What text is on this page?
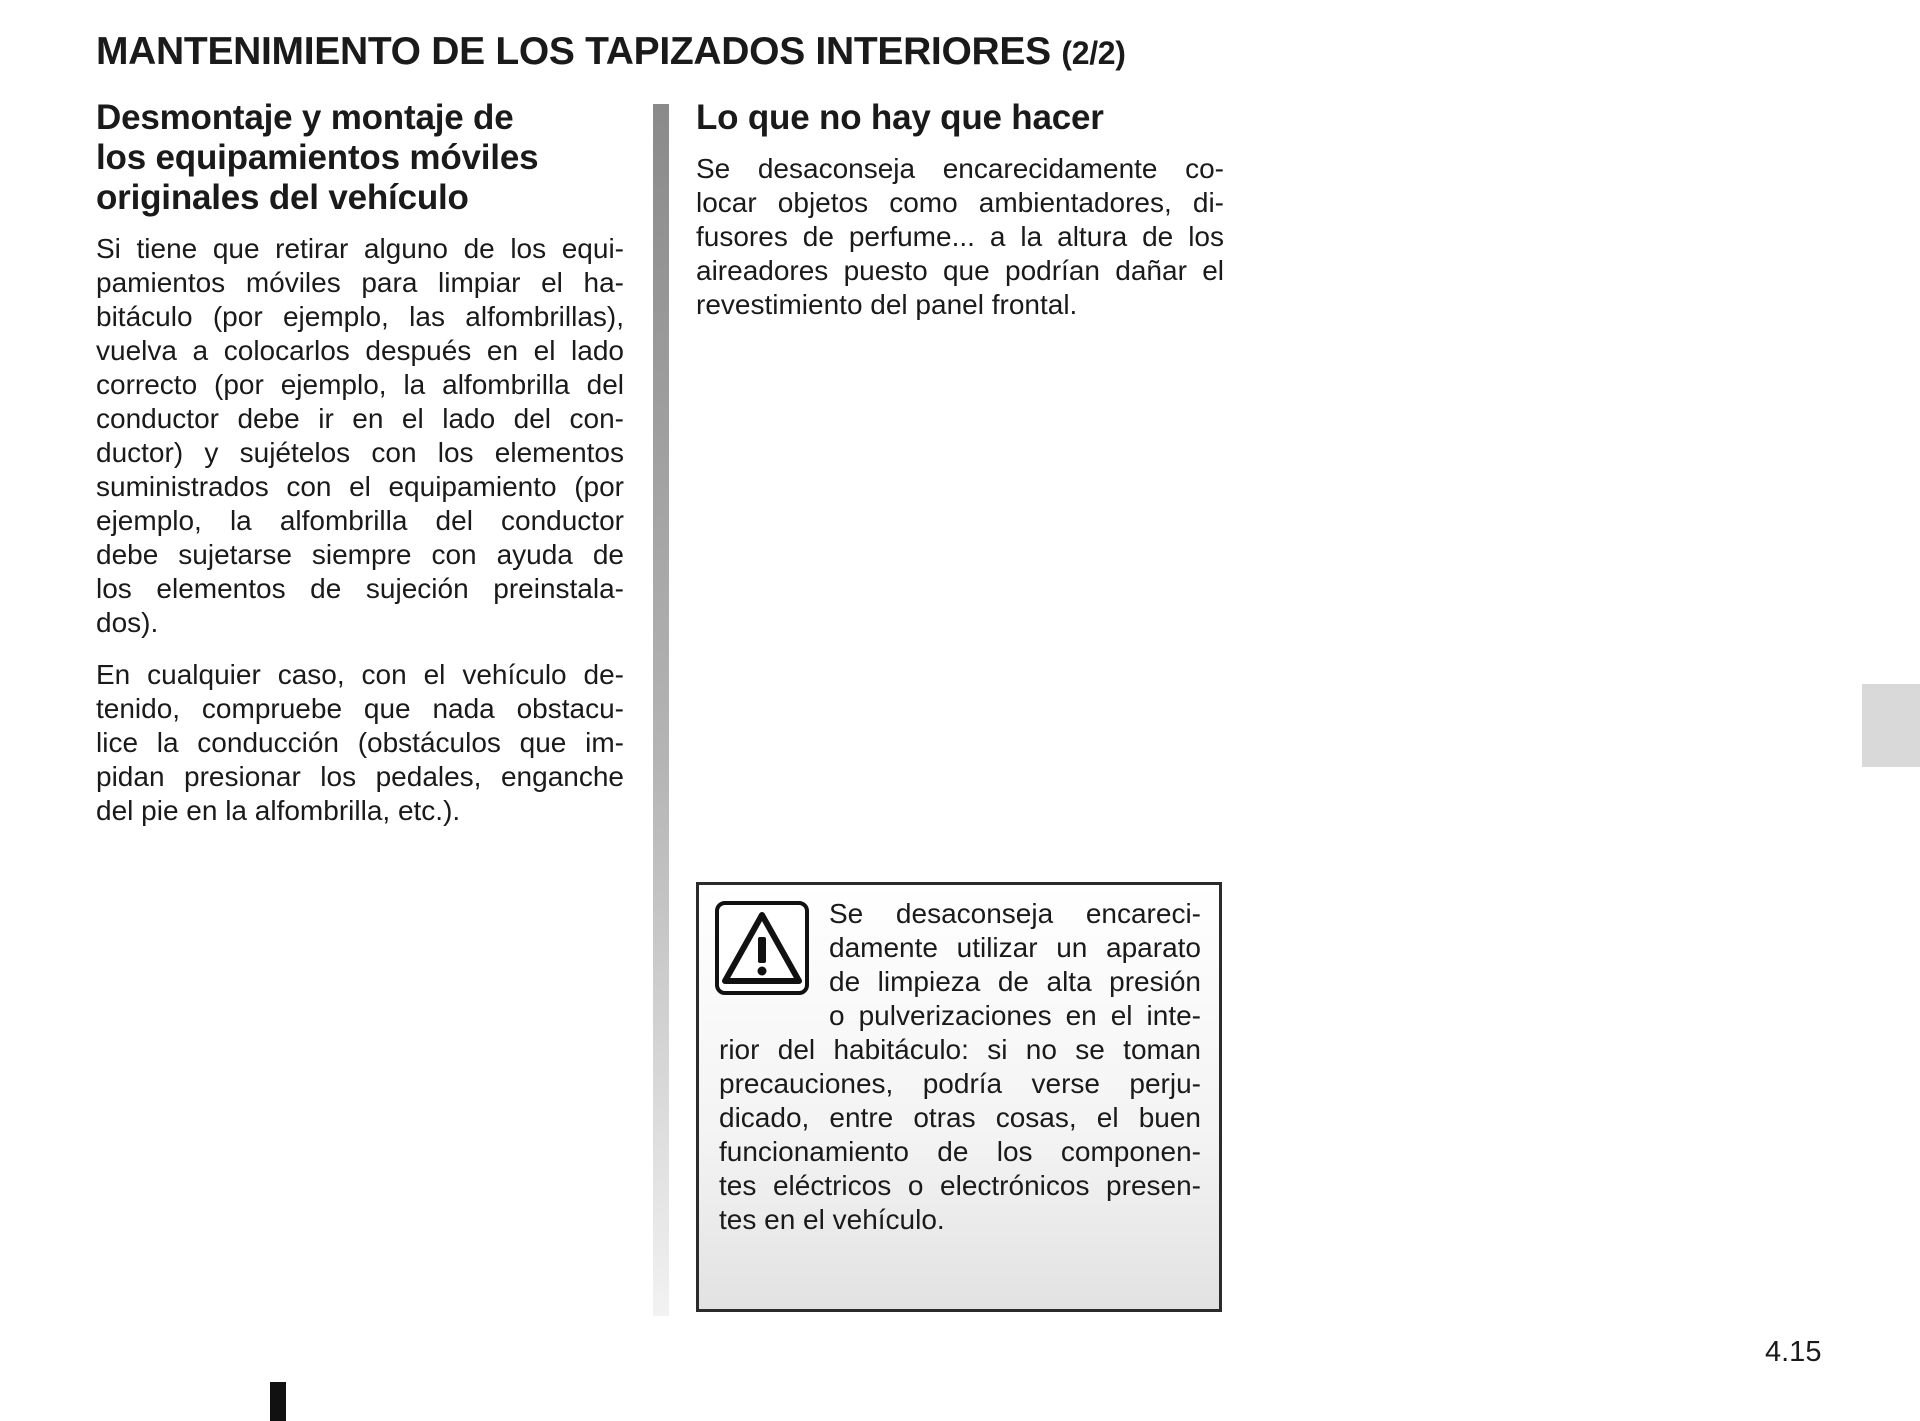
MANTENIMIENTO DE LOS TAPIZADOS INTERIORES (2/2)
Desmontaje y montaje de
los equipamientos móviles
originales del vehículo

Si tiene que retirar alguno de los equi-
pamientos móviles para limpiar el ha-
bitáculo (por ejemplo, las alfombrillas),
vuelva a colocarlos después en el lado
correcto (por ejemplo, la alfombrilla del
conductor debe ir en el lado del con-
ductor) y sujételos con los elementos
suministrados con el equipamiento (por
ejemplo, la alfombrilla del conductor
debe sujetarse siempre con ayuda de
los elementos de sujeción preinstala-
dos).

En cualquier caso, con el vehículo de-
tenido, compruebe que nada obstacu-
lice la conducción (obstáculos que im-
pidan presionar los pedales, enganche
del pie en la alfombrilla, etc.).

Lo que no hay que hacer

Se desaconseja encarecidamente co-
locar objetos como ambientadores, di-
fusores de perfume... a la altura de los
aireadores puesto que podrían dañar el
revestimiento del panel frontal.

Se desaconseja encareci-
damente utilizar un aparato
de limpieza de alta presión
o pulverizaciones en el inte-
rior del habitáculo: si no se toman
precauciones, podría verse perju-
dicado, entre otras cosas, el buen
funcionamiento de los componen-
tes eléctricos o electrónicos presen-
tes en el vehículo.
4.15
